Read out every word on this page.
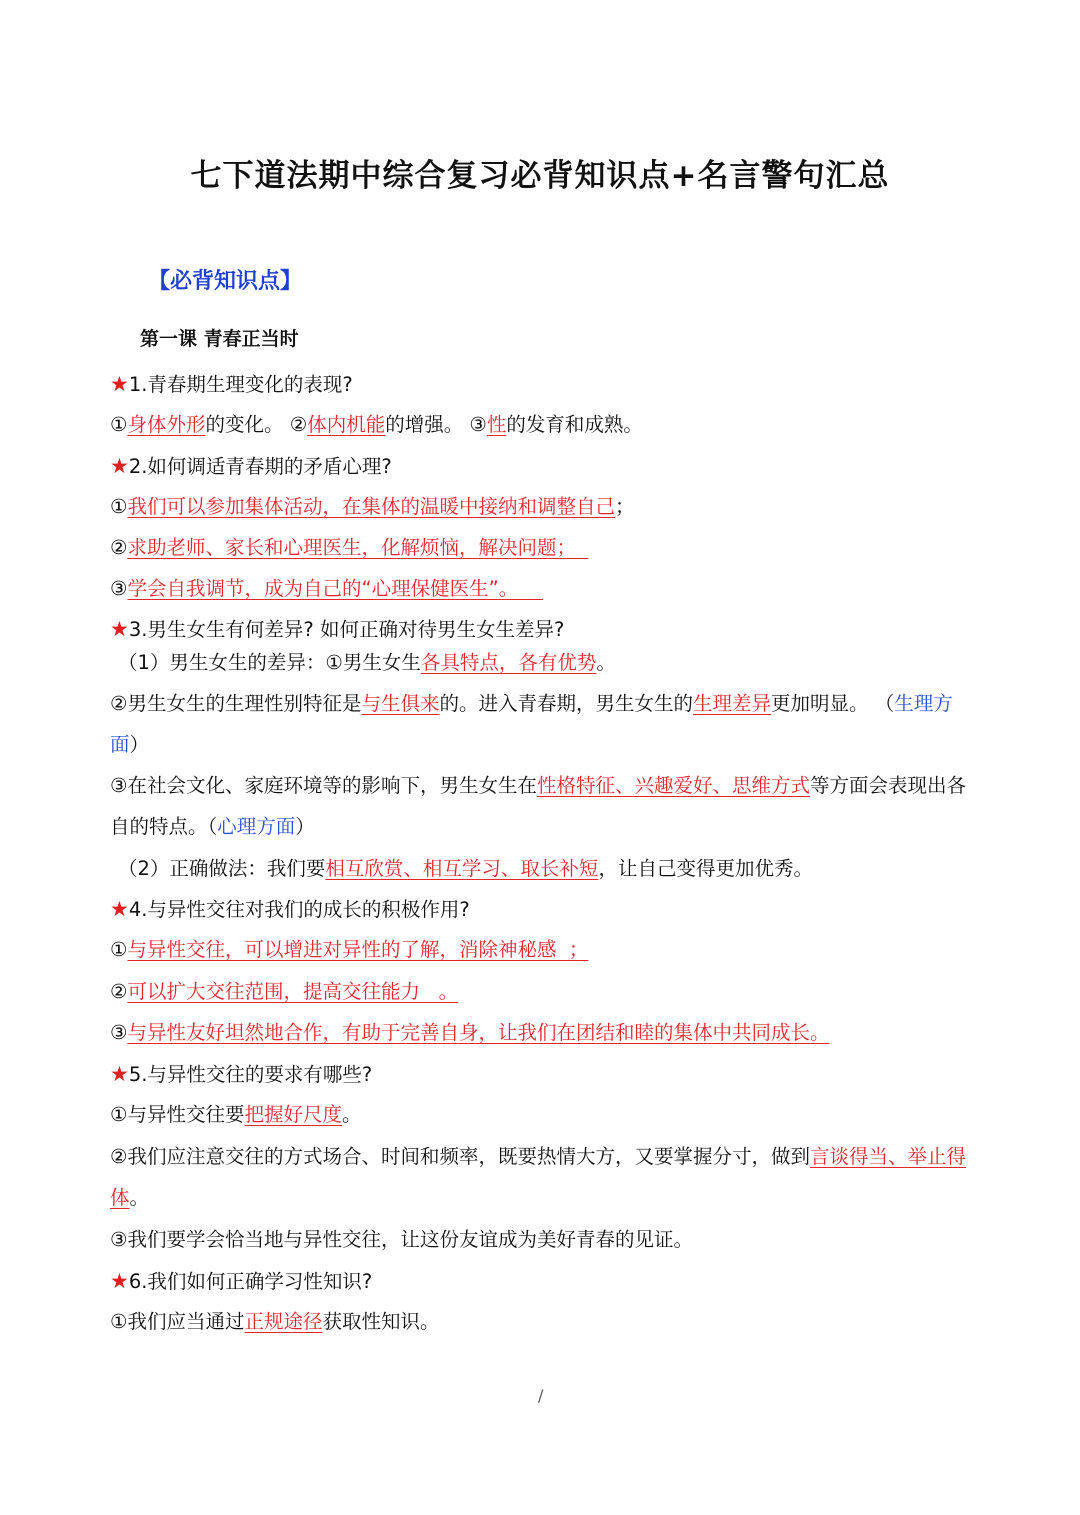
七下道法期中综合复习必背知识点+名言警句汇总
【必背知识点】
第一课 青春正当时
★1.青春期生理变化的表现?
①身体外形的变化。 ②体内机能的增强。 ③性的发育和成熟。
★2.如何调适青春期的矛盾心理?
①我们可以参加集体活动，在集体的温暖中接纳和调整自己；
②求助老师、家长和心理医生，化解烦恼，解决问题；
③学会自我调节，成为自己的“心理保健医生”。
★3.男生女生有何差异? 如何正确对待男生女生差异?
（1）男生女生的差异：①男生女生各具特点，各有优势。
②男生女生的生理性别特征是与生俱来的。进入青春期，男生女生的生理差异更加明显。 （生理方面）
③在社会文化、家庭环境等的影响下，男生女生在性格特征、兴趣爱好、思维方式等方面会表现出各自的特点。（心理方面）
（2）正确做法：我们要相互欣赏、相互学习、取长补短，让自己变得更加优秀。
★4.与异性交往对我们的成长的积极作用?
①与异性交往，可以增进对异性的了解，消除神秘感  ；
②可以扩大交往范围，提高交往能力   。
③与异性友好坦然地合作，有助于完善自身，让我们在团结和睦的集体中共同成长。
★5.与异性交往的要求有哪些?
①与异性交往要把握好尺度。
②我们应注意交往的方式场合、时间和频率，既要热情大方，又要掌握分寸，做到言谈得当、举止得体。
③我们要学会恰当地与异性交往，让这份友谊成为美好青春的见证。
★6.我们如何正确学习性知识?
①我们应当通过正规途径获取性知识。
/
